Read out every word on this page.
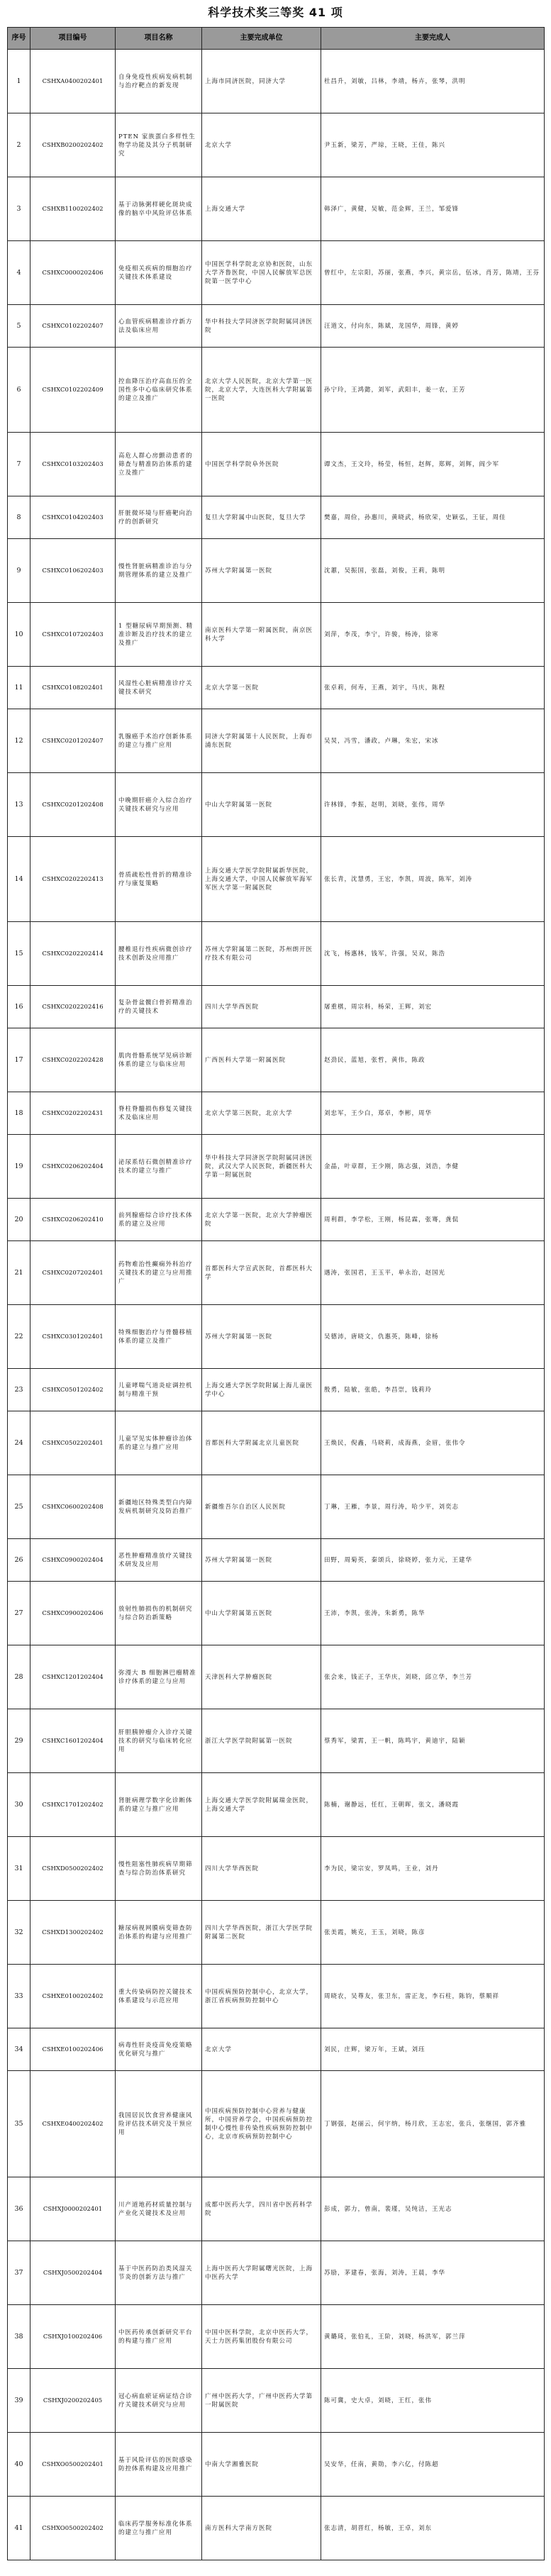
科学技术奖三等奖 41 项
序号	项目编号	项目名称	主要完成单位	主要完成人
1	CSHXA0400202401	自身免疫性疾病发病机制与治疗靶点的新发现	上海市同济医院，同济大学	杜昌升，刘敏，吕林，李靖，杨卉，张琴，洪明
2	CSHXB0200202402	PTEN 家族蛋白多样性生物学功能及其分子机制研究	北京大学	尹玉新，梁芳，严琼，王晓，王佳，陈兴
3	CSHXB1100202402	基于动脉粥样硬化斑块成像的脑卒中风险评估体系	上海交通大学	韩泽广，黄健，吴敏，范金辉，王兰，邹爱锋
4	CSHXC0000202406	免疫相关疾病的细胞治疗关键技术体系建设	中国医学科学院北京协和医院，山东大学齐鲁医院，中国人民解放军总医院第一医学中心	曾红中，左宗阳，苏丽，张燕，李兴，黄宗岳，伍冰，肖芳，陈靖，王芬
5	CSHXC0102202407	心血管疾病精准诊疗新方法及临床应用	华中科技大学同济医学院附属同济医院	汪道文，付向东，陈斌，龙国华，周锋，黄婷
6	CSHXC0102202409	控血降压治疗高血压的全国性多中心临床研究体系的建立及推广	北京大学人民医院，北京大学第一医院，北京大学，大连医科大学附属第一医院	孙宁玲，王鸿懿，刘军，武阳丰，姜一农，王芳
7	CSHXC0103202403	高危人群心房颤动患者的筛查与精准防治体系的建立及推广	中国医学科学院阜外医院	谭文杰，王文玲，杨莹，杨恒，赵辉，郑辉，刘辉，阎少军
8	CSHXC0104202403	肝脏微环境与肝癌靶向治疗的创新研究	复旦大学附属中山医院，复旦大学	樊嘉，周俭，孙惠川，黄晓武，杨欣荣，史颖弘，王征，周佳
9	CSHXC0106202403	慢性肾脏病精准诊治与分期管理体系的建立及推广	苏州大学附属第一医院	沈蕙，吴振国，张磊，刘俊，王莉，陈明
10	CSHXC0107202403	1 型糖尿病早期预测、精准诊断及治疗技术的建立及推广	南京医科大学第一附属医院，南京医科大学	刘萍，李茂，李宁，许骏，杨涛，徐寒
11	CSHXC0108202401	风湿性心脏病精准诊疗关键技术研究	北京大学第一医院	张卓莉，何寿，王燕，刘宇，马庆，陈程
12	CSHXC0201202407	乳腺癌手术治疗创新体系的建立与推广应用	同济大学附属第十人民医院，上海市浦东医院	吴炅，冯雪，潘政，卢琳，朱宏，宋冰
13	CSHXC0201202408	中晚期肝癌介入综合治疗关键技术研究与应用	中山大学附属第一医院	许林锋，李振，赵明，刘晓，张伟，周华
14	CSHXC0202202413	骨质疏松性骨折的精准诊疗与康复策略	上海交通大学医学院附属新华医院，上海交通大学，中国人民解放军海军军医大学第一附属医院	张长青，沈慧勇，王宏，李凯，周波，陈军，刘涛
15	CSHXC0202202414	腰椎退行性疾病微创诊疗技术创新及应用推广	苏州大学附属第二医院，苏州朗开医疗技术有限公司	沈飞，杨惠林，钱军，许强，吴双，陈浩
16	CSHXC0202202416	复杂骨盆髋臼骨折精准治疗的关键技术	四川大学华西医院	屠重棋，周宗科，杨荣，王辉，刘宏
17	CSHXC0202202428	肌肉骨骼系统罕见病诊断体系的建立与临床应用	广西医科大学第一附属医院	赵劲民，蓝旭，张哲，黄伟，陈政
18	CSHXC0202202431	脊柱脊髓损伤修复关键技术及临床应用	北京大学第三医院，北京大学	刘忠军，王少白，郑卓，李彬，周华
19	CSHXC0206202404	泌尿系结石微创精准诊疗技术的建立与推广	华中科技大学同济医学院附属同济医院，武汉大学人民医院，新疆医科大学第一附属医院	金晶，叶章群，王少刚，陈志强，刘浩，李健
20	CSHXC0206202410	前列腺癌综合诊疗技术体系的建立及应用	北京大学第一医院，北京大学肿瘤医院	周利群，李学松，王刚，杨昆霖，张骞，龚侃
21	CSHXC0207202401	药物难治性癫痫外科治疗关键技术的建立与应用推广	首都医科大学宣武医院，首都医科大学	遇涛，张国君，王玉平，单永治，赵国光
22	CSHXC0301202401	特殊细胞治疗与骨髓移植体系的建立及推广	苏州大学附属第一医院	吴德沛，唐晓文，仇惠英，陈峰，徐杨
23	CSHXC0501202402	儿童哮喘气道炎症调控机制与精准干预	上海交通大学医学院附属上海儿童医学中心	殷勇，陆敏，张皓，李昌崇，钱莉玲
24	CSHXC0502202401	儿童罕见实体肿瘤诊治体系的建立与推广应用	首都医科大学附属北京儿童医院	王焕民，倪鑫，马晓莉，成海燕，金眉，张伟令
25	CSHXC0600202408	新疆地区特殊类型白内障发病机制研究及防治推广	新疆维吾尔自治区人民医院	丁琳，王雁，李景，周行涛，哈少平，刘奕志
26	CSHXC0900202404	恶性肿瘤精准放疗关键技术研发及应用	苏州大学附属第一医院	田野，周菊英，秦颂兵，徐晓婷，张力元，王建华
27	CSHXC0900202406	放射性肺损伤的机制研究与综合防治新策略	中山大学附属第五医院	王沛，李凯，张涛，朱新勇，陈华
28	CSHXC1201202404	弥漫大 B 细胞淋巴瘤精准诊疗体系的建立与应用	天津医科大学肿瘤医院	张会来，钱正子，王华庆，刘晓，邱立华，李兰芳
29	CSHXC1601202404	肝胆胰肿瘤介入诊疗关键技术的研究与临床转化应用	浙江大学医学院附属第一医院	蔡秀军，梁霄，王一帆，陈鸣宇，黄迪宇，陆颖
30	CSHXC1701202402	肾脏病理学数字化诊断体系的建立与推广应用	上海交通大学医学院附属瑞金医院，上海交通大学	陈楠，谢静远，任红，王朝晖，张文，潘晓霞
31	CSHXD0500202402	慢性阻塞性肺疾病早期筛查与综合防治体系研究	四川大学华西医院	李为民，梁宗安，罗凤鸣，王业，刘丹
32	CSHXD1300202402	糖尿病视网膜病变筛查防治体系的构建与应用推广	四川大学华西医院，浙江大学医学院附属第二医院	张美霞，姚克，王玉，刘晓，陈彦
33	CSHXE0100202402	重大传染病防控关键技术体系建设与示范应用	中国疾病预防控制中心，北京大学，浙江省疾病预防控制中心	周晓农，吴尊友，张卫东，雷正龙，李石柱，陈钧，蔡顺祥
34	CSHXE0100202406	病毒性肝炎疫苗免疫策略优化研究与推广	北京大学	刘民，庄辉，梁万年，王斌，刘珏
35	CSHXE0400202402	我国居民饮食营养健康风险评估技术研究及干预应用	中国疾病预防控制中心营养与健康所，中国营养学会，中国疾病预防控制中心慢性非传染性疾病预防控制中心，北京市疾病预防控制中心	丁钢强，赵丽云，何宇纳，杨月欣，王志宏，张兵，张继国，郭齐雅
36	CSHXJ0000202401	川产道地药材质量控制与产业化关键技术及应用	成都中医药大学，四川省中医药科学院	彭成，郭力，曾南，裴瑾，吴纯洁，王光志
37	CSHXJ0500202404	基于中医药防治类风湿关节炎的创新方法与推广	上海中医药大学附属曙光医院，上海中医药大学	苏励，茅建春，张海，刘涛，王晨，李华
38	CSHXJ0100202406	中医药传承创新研究平台的构建与推广应用	中国中医科学院，北京中医药大学，天士力医药集团股份有限公司	黄璐琦，张伯礼，王阶，刘晓，杨洪军，郭兰萍
39	CSHXJ0200202405	冠心病血瘀证病证结合诊疗关键技术研究与应用	广州中医药大学，广州中医药大学第一附属医院	陈可冀，史大卓，刘晓，王红，张伟
40	CSHXO0500202401	基于风险评估的医院感染防控体系构建及应用推广	中南大学湘雅医院	吴安华，任南，黄勋，李六亿，付陈超
41	CSHXO0500202402	临床药学服务标准化体系的建立与推广应用	南方医科大学南方医院	张志清，胡晋红，杨敏，王卓，刘东
